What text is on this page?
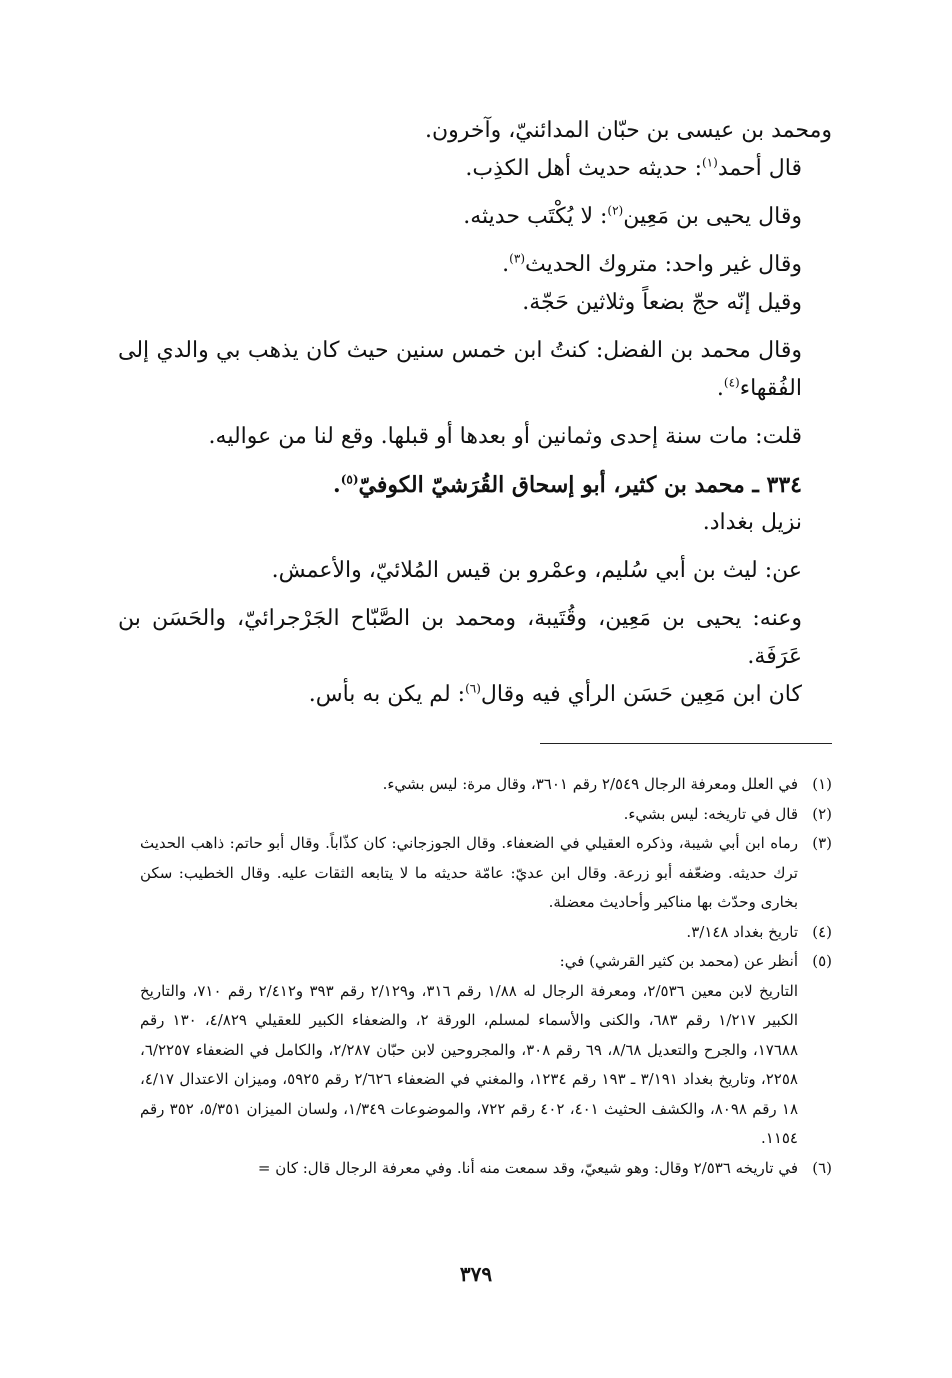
ومحمد بن عيسى بن حبّان المدائنيّ، وآخرون.
قال أحمد$^{(١)}$: حديثه حديث أهل الكذِب.
وقال يحيى بن مَعِين$^{(٢)}$: لا يُكْتَب حديثه.
وقال غير واحد: متروك الحديث$^{(٣)}$.
وقيل إنّه حجّ بضعاً وثلاثين حَجّة.
وقال محمد بن الفضل: كنتُ ابن خمس سنين حيث كان يذهب بي والدي إلى الفُقهاء$^{(٤)}$.
قلت: مات سنة إحدى وثمانين أو بعدها أو قبلها. وقع لنا من عواليه.
٣٣٤ ـ محمد بن كثير، أبو إسحاق القُرَشيّ الكوفيّ$^{(٥)}$.
نزيل بغداد.
عن: ليث بن أبي سُليم، وعمْرو بن قيس المُلائيّ، والأعمش.
وعنه: يحيى بن مَعِين، وقُتَيبة، ومحمد بن الصَّبّاح الجَرْجرائيّ، والحَسَن بن عَرَفَة.
كان ابن مَعِين حَسَن الرأي فيه وقال$^{(٦)}$: لم يكن به بأس.
(١)
في العلل ومعرفة الرجال ٢/٥٤٩ رقم ٣٦٠١، وقال مرة: ليس بشيء.
(٢)
قال في تاريخه: ليس بشيء.
(٣)
رماه ابن أبي شيبة، وذكره العقيلي في الضعفاء. وقال الجوزجاني: كان كذّاباً. وقال أبو حاتم: ذاهب الحديث ترك حديثه. وضعّفه أبو زرعة. وقال ابن عديّ: عامّة حديثه ما لا يتابعه الثقات عليه. وقال الخطيب: سكن بخارى وحدّث بها مناكير وأحاديث معضلة.
(٤)
تاريخ بغداد ٣/١٤٨.
(٥)
أنظر عن (محمد بن كثير القرشي) في:
التاريخ لابن معين ٢/٥٣٦، ومعرفة الرجال له ١/٨٨ رقم ٣١٦، و٢/١٢٩ رقم ٣٩٣ و٢/٤١٢ رقم ٧١٠، والتاريخ الكبير ١/٢١٧ رقم ٦٨٣، والكنى والأسماء لمسلم، الورقة ٢، والضعفاء الكبير للعقيلي ٤/٨٢٩، ١٣٠ رقم ١٧٦٨٨، والجرح والتعديل ٨/٦٨، ٦٩ رقم ٣٠٨، والمجروحين لابن حبّان ٢/٢٨٧، والكامل في الضعفاء ٦/٢٢٥٧، ٢٢٥٨، وتاريخ بغداد ٣/١٩١ ـ ١٩٣ رقم ١٢٣٤، والمغني في الضعفاء ٢/٦٢٦ رقم ٥٩٢٥، وميزان الاعتدال ٤/١٧، ١٨ رقم ٨٠٩٨، والكشف الحثيث ٤٠١، ٤٠٢ رقم ٧٢٢، والموضوعات ١/٣٤٩، ولسان الميزان ٥/٣٥١، ٣٥٢ رقم ١١٥٤.
(٦)
في تاريخه ٢/٥٣٦ وقال: وهو شيعيّ، وقد سمعت منه أنا. وفي معرفة الرجال قال: كان =
٣٧٩
